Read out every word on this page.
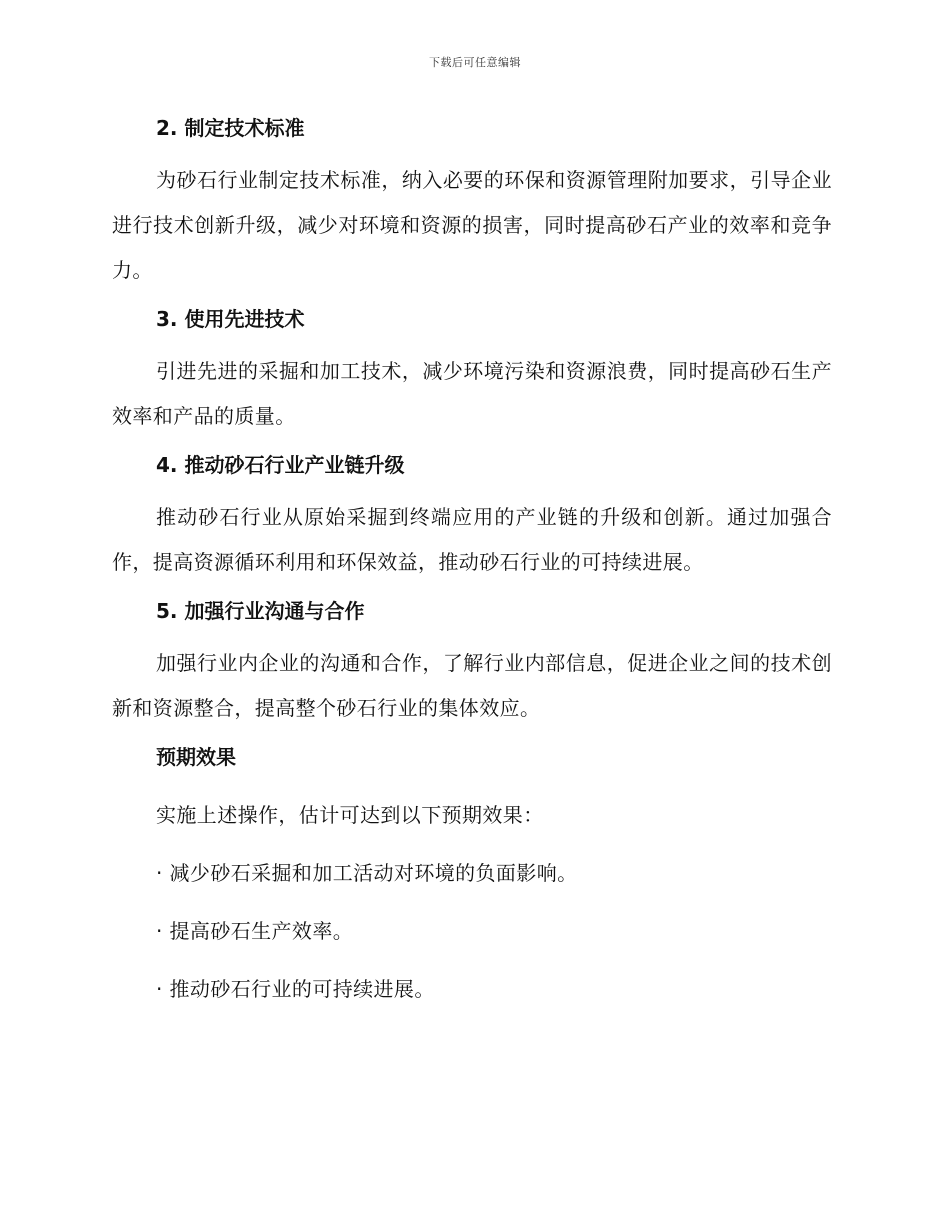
下载后可任意编辑

2. 制定技术标准

为砂石行业制定技术标准，纳入必要的环保和资源管理附加要求，引导企业进行技术创新升级，减少对环境和资源的损害，同时提高砂石产业的效率和竞争力。

3. 使用先进技术

引进先进的采掘和加工技术，减少环境污染和资源浪费，同时提高砂石生产效率和产品的质量。

4. 推动砂石行业产业链升级

推动砂石行业从原始采掘到终端应用的产业链的升级和创新。通过加强合作，提高资源循环利用和环保效益，推动砂石行业的可持续进展。

5. 加强行业沟通与合作

加强行业内企业的沟通和合作，了解行业内部信息，促进企业之间的技术创新和资源整合，提高整个砂石行业的集体效应。

预期效果

实施上述操作，估计可达到以下预期效果：

· 减少砂石采掘和加工活动对环境的负面影响。

· 提高砂石生产效率。

· 推动砂石行业的可持续进展。
